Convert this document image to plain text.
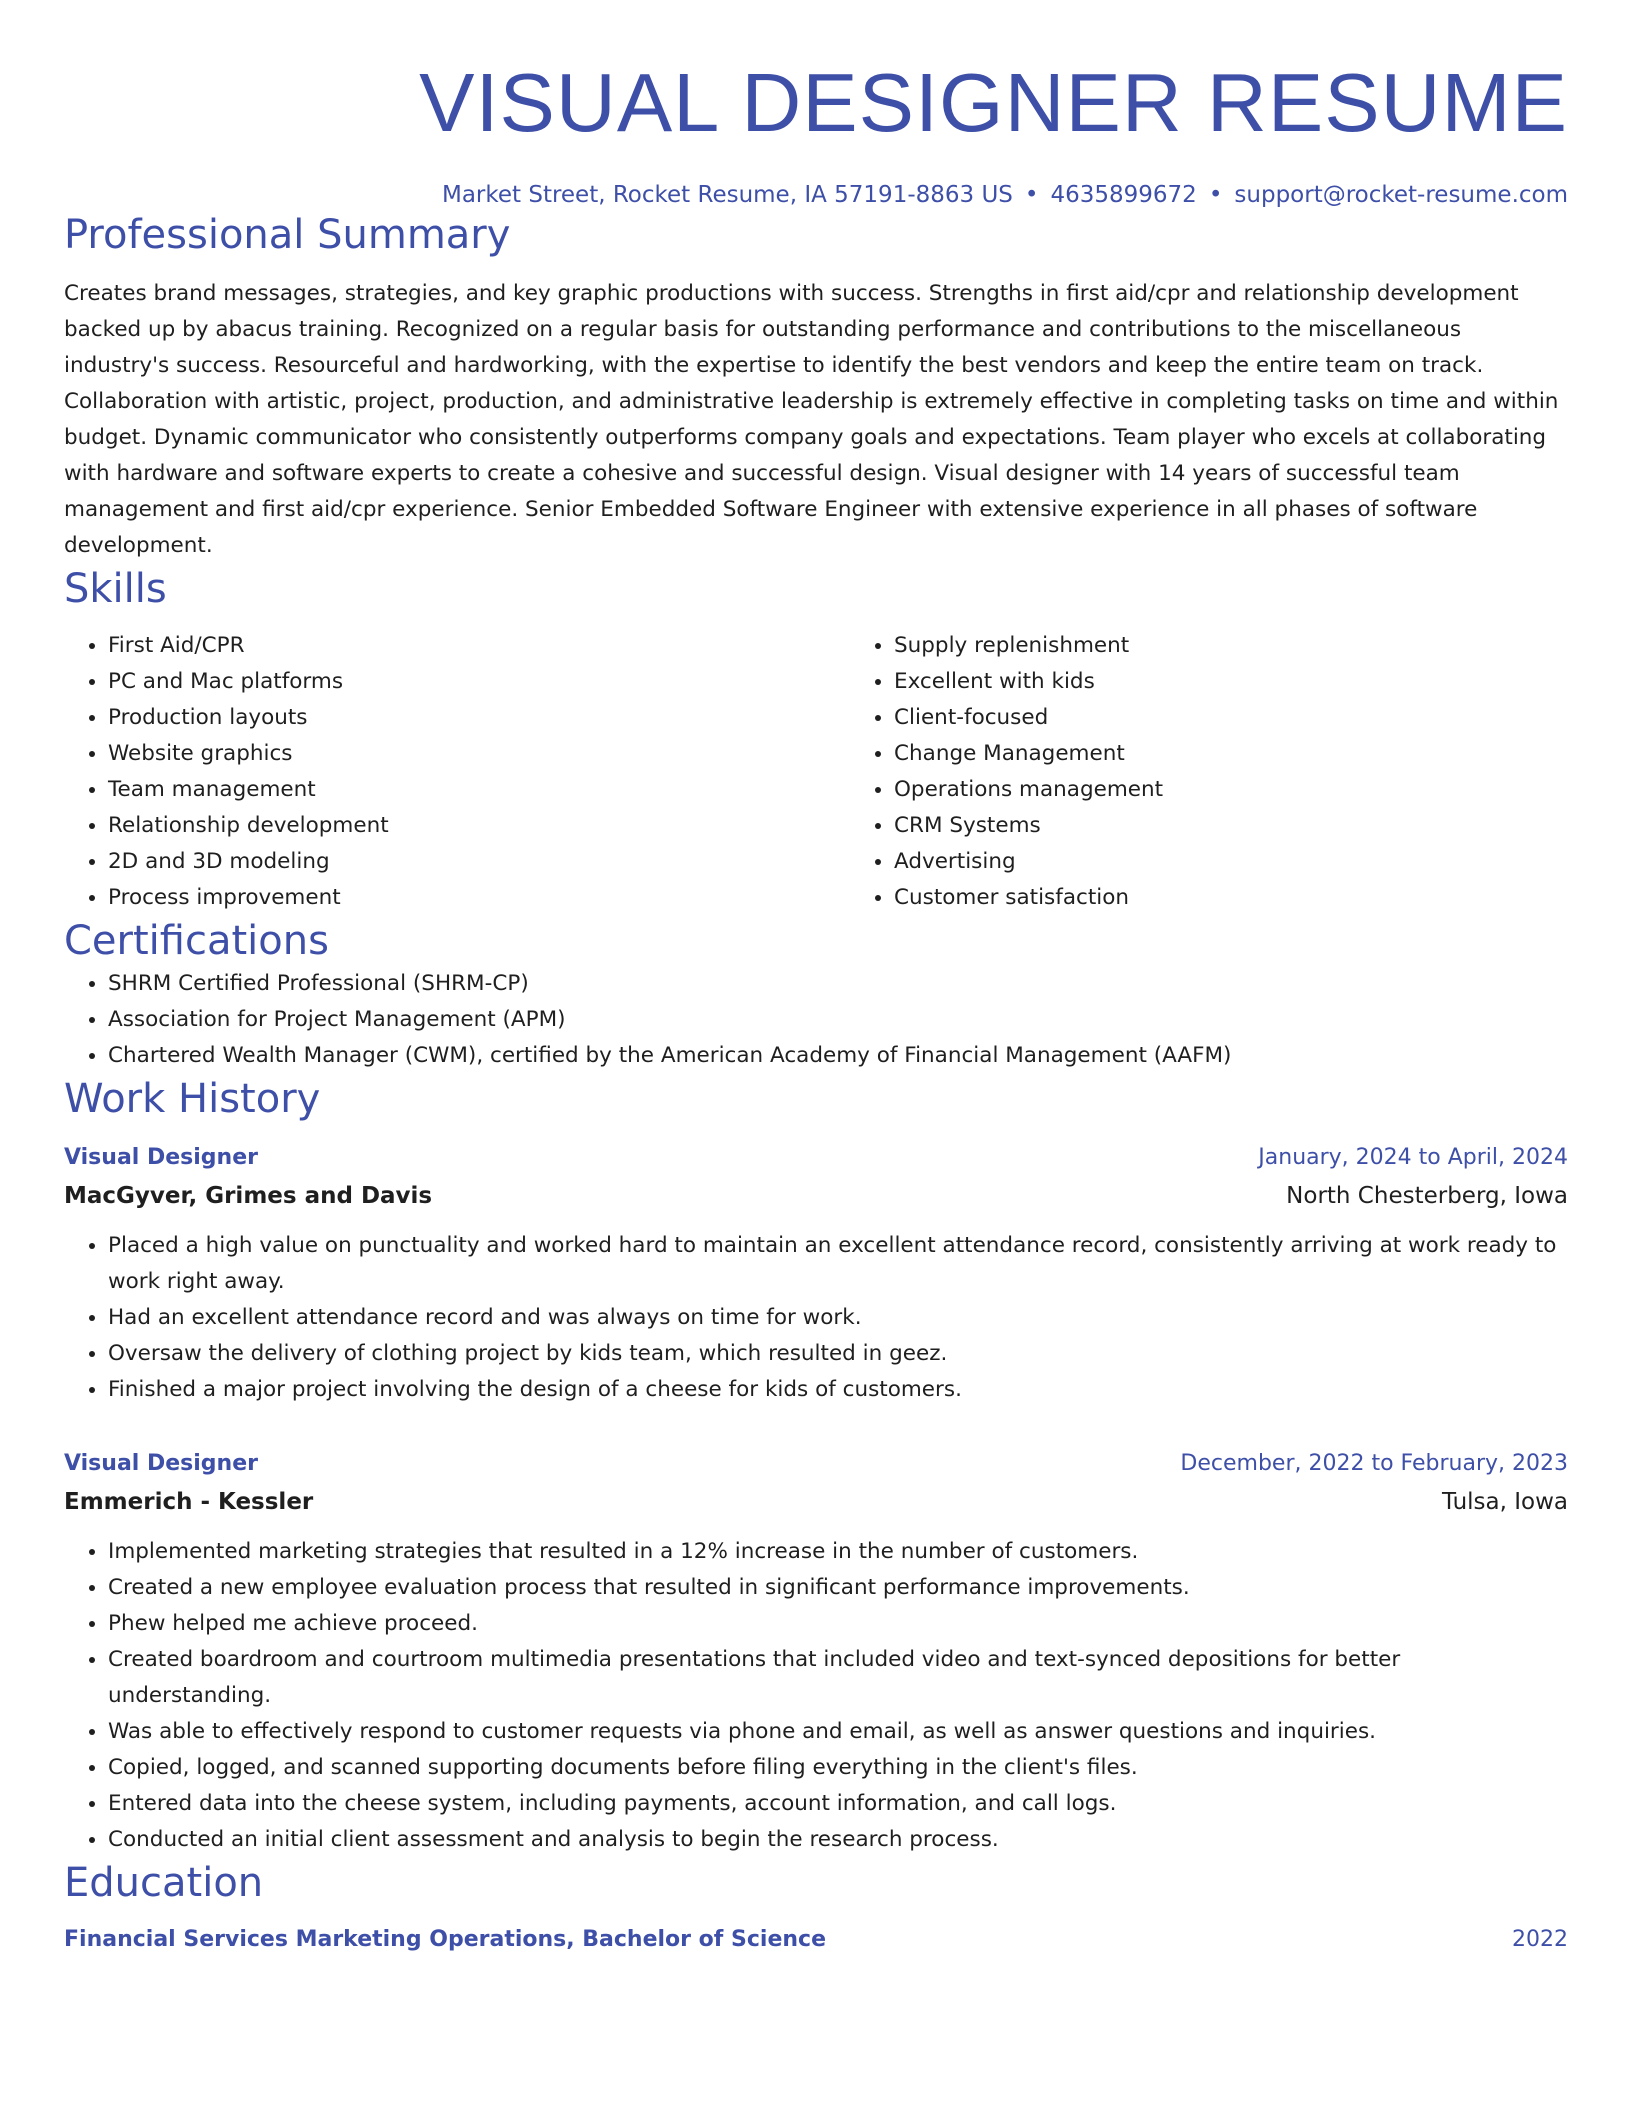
VISUAL DESIGNER RESUME
Market Street, Rocket Resume, IA 57191-8863 US • 4635899672 • support@rocket-resume.com
Professional Summary
Creates brand messages, strategies, and key graphic productions with success. Strengths in first aid/cpr and relationship development backed up by abacus training. Recognized on a regular basis for outstanding performance and contributions to the miscellaneous industry's success. Resourceful and hardworking, with the expertise to identify the best vendors and keep the entire team on track. Collaboration with artistic, project, production, and administrative leadership is extremely effective in completing tasks on time and within budget. Dynamic communicator who consistently outperforms company goals and expectations. Team player who excels at collaborating with hardware and software experts to create a cohesive and successful design. Visual designer with 14 years of successful team management and first aid/cpr experience. Senior Embedded Software Engineer with extensive experience in all phases of software development.
Skills
• First Aid/CPR
• PC and Mac platforms
• Production layouts
• Website graphics
• Team management
• Relationship development
• 2D and 3D modeling
• Process improvement
• Supply replenishment
• Excellent with kids
• Client-focused
• Change Management
• Operations management
• CRM Systems
• Advertising
• Customer satisfaction
Certifications
• SHRM Certified Professional (SHRM-CP)
• Association for Project Management (APM)
• Chartered Wealth Manager (CWM), certified by the American Academy of Financial Management (AAFM)
Work History
Visual Designer	January, 2024 to April, 2024
MacGyver, Grimes and Davis	North Chesterberg, Iowa
• Placed a high value on punctuality and worked hard to maintain an excellent attendance record, consistently arriving at work ready to work right away.
• Had an excellent attendance record and was always on time for work.
• Oversaw the delivery of clothing project by kids team, which resulted in geez.
• Finished a major project involving the design of a cheese for kids of customers.
Visual Designer	December, 2022 to February, 2023
Emmerich - Kessler	Tulsa, Iowa
• Implemented marketing strategies that resulted in a 12% increase in the number of customers.
• Created a new employee evaluation process that resulted in significant performance improvements.
• Phew helped me achieve proceed.
• Created boardroom and courtroom multimedia presentations that included video and text-synced depositions for better understanding.
• Was able to effectively respond to customer requests via phone and email, as well as answer questions and inquiries.
• Copied, logged, and scanned supporting documents before filing everything in the client's files.
• Entered data into the cheese system, including payments, account information, and call logs.
• Conducted an initial client assessment and analysis to begin the research process.
Education
Financial Services Marketing Operations, Bachelor of Science	2022
